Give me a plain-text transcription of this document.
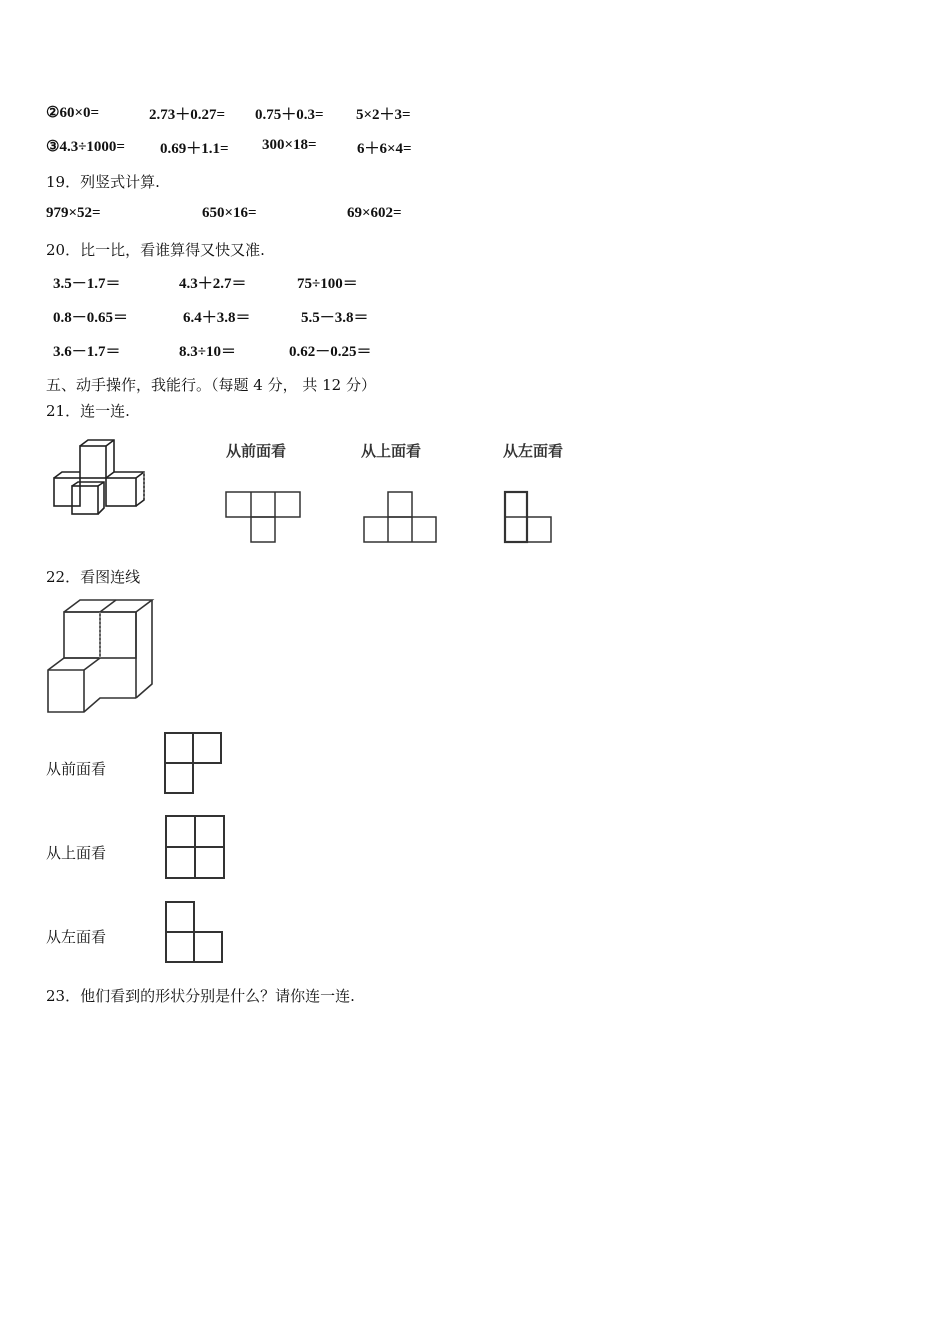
②60×0=	2.73＋0.27= 0.75＋0.3= 5×2＋3=
③4.3÷1000= 0.69＋1.1= 300×18=	6＋6×4=
19．列竖式计算.
979×52=	650×16=	69×602=
20．比一比，看谁算得又快又准.
3.5－1.7＝	4.3＋2.7＝	75÷100＝
0.8－0.65＝	6.4＋3.8＝	5.5－3.8＝
3.6－1.7＝	8.3÷10＝	0.62－0.25＝
五、动手操作，我能行。（每题 4 分， 共 12 分）
21．连一连.
从前面看	从上面看	从左面看
22．看图连线
从前面看
从上面看
从左面看
23．他们看到的形状分别是什么？请你连一连.
